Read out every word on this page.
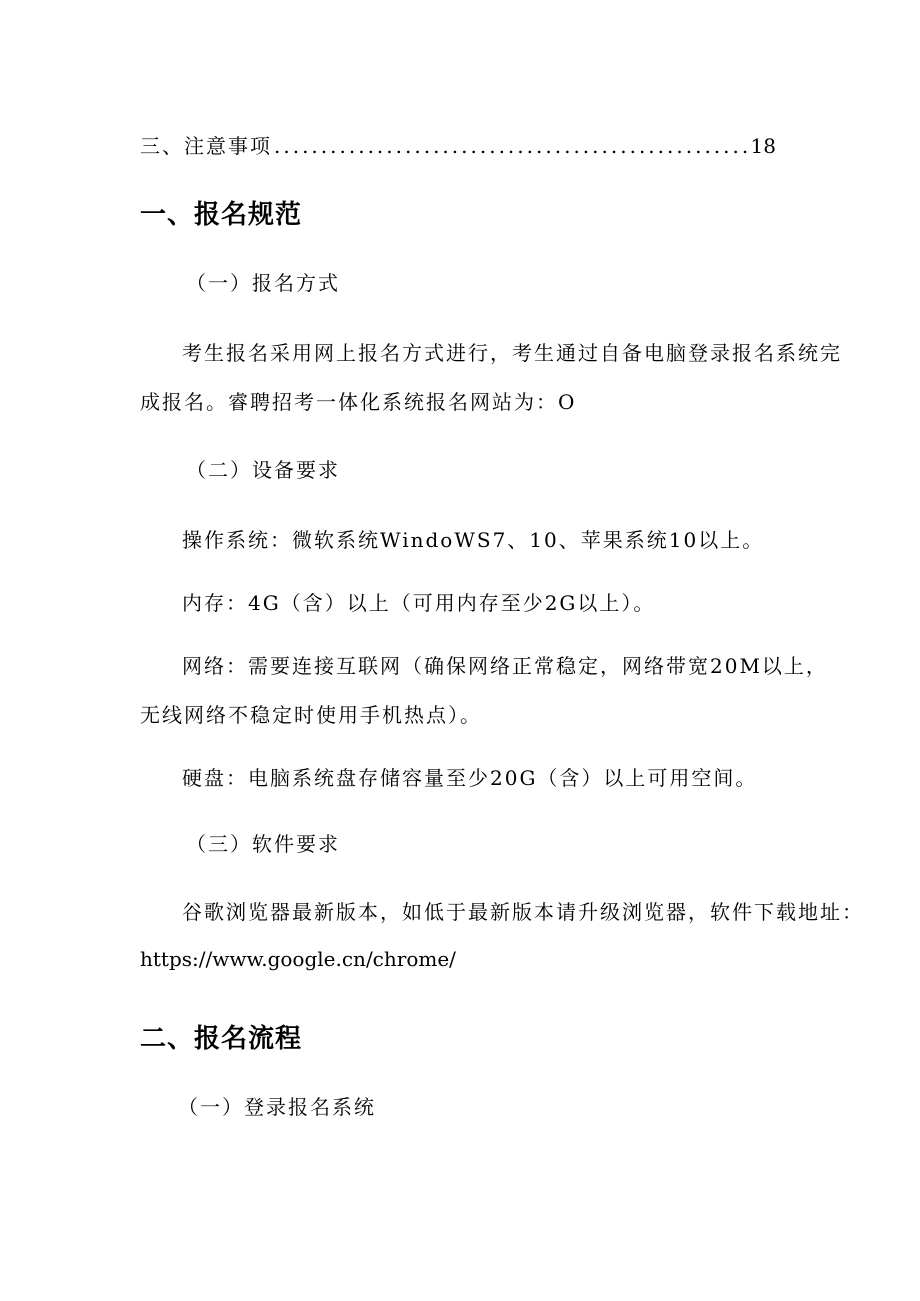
三、注意事项
.....	18
一、报名规范
（一）报名方式
考生报名采用网上报名方式进行，考生通过自备电脑登录报名系统完
成报名。睿聘招考一体化系统报名网站为：O
（二）设备要求
操作系统：微软系统WindoWS7、10、苹果系统10以上。
内存：4G（含）以上（可用内存至少2G以上）。
网络：需要连接互联网（确保网络正常稳定，网络带宽20M以上，
无线网络不稳定时使用手机热点）。
硬盘：电脑系统盘存储容量至少20G（含）以上可用空间。
（三）软件要求
谷歌浏览器最新版本，如低于最新版本请升级浏览器，软件下载地址：
https://www.google.cn/chrome/
二、报名流程
（一）登录报名系统
